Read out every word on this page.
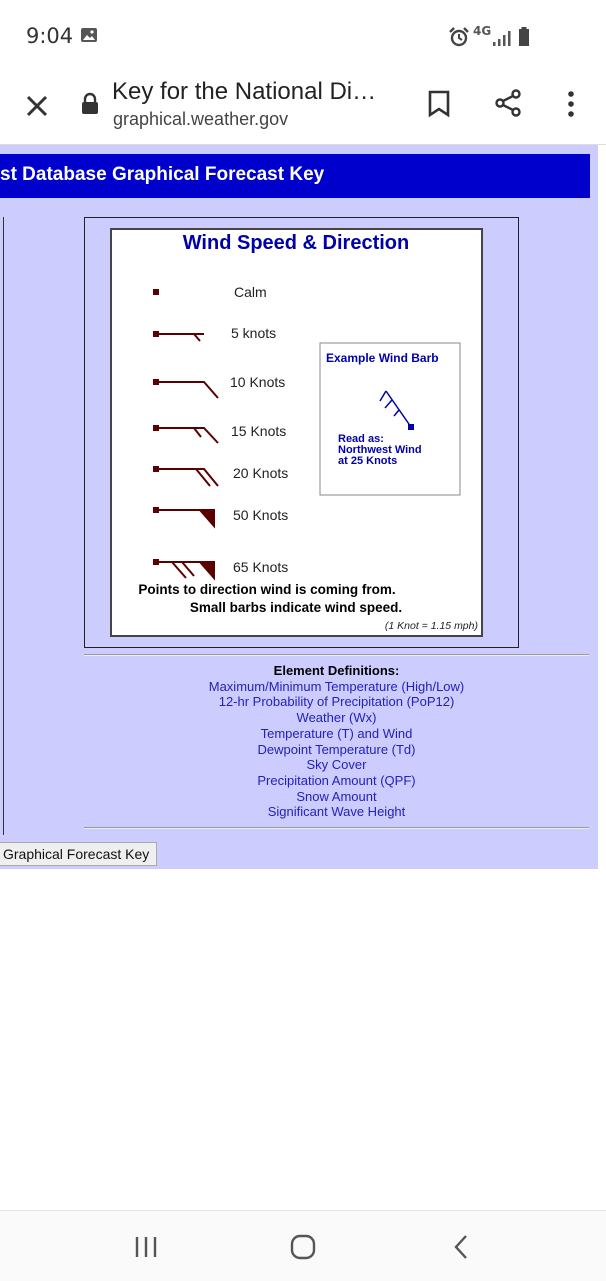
9:04	4G
Key for the National Di…
graphical.weather.gov
st Database Graphical Forecast Key
Wind Speed & Direction
Calm
5 knots
10 Knots
15 Knots
20 Knots
50 Knots
65 Knots
Example Wind Barb
Read as:
Northwest Wind
at 25 Knots
Points to direction wind is coming from.
Small barbs indicate wind speed.
(1 Knot = 1.15 mph)
Element Definitions:
Maximum/Minimum Temperature (High/Low)
12-hr Probability of Precipitation (PoP12)
Weather (Wx)
Temperature (T) and Wind
Dewpoint Temperature (Td)
Sky Cover
Precipitation Amount (QPF)
Snow Amount
Significant Wave Height
Graphical Forecast Key
